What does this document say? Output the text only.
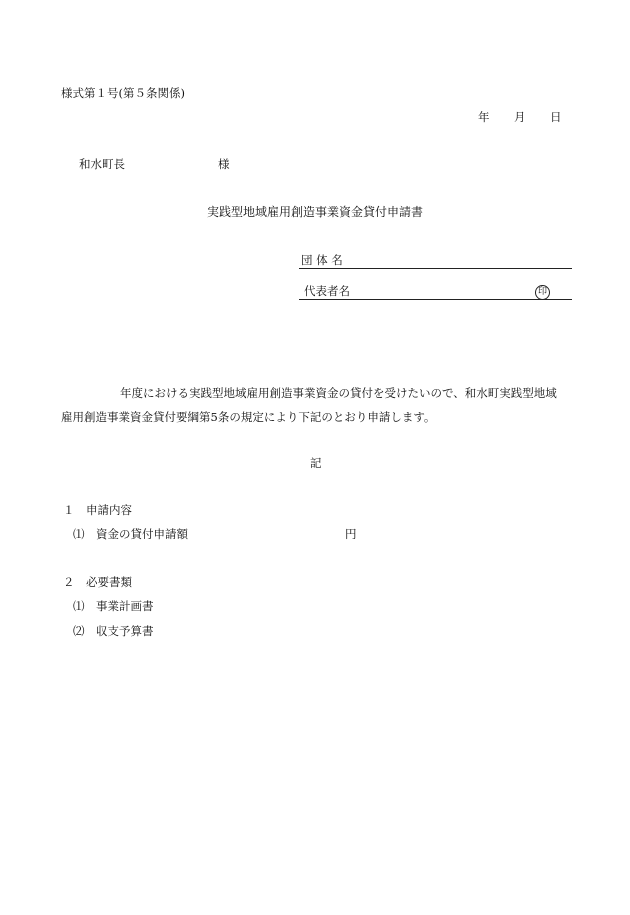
様式第１号(第５条関係)
年 月 日
和水町長	様
実践型地域雇用創造事業資金貸付申請書
団 体 名
代表者名	印
年度における実践型地域雇用創造事業資金の貸付を受けたいので、和水町実践型地域
雇用創造事業資金貸付要綱第5条の規定により下記のとおり申請します。
記
１　申請内容
⑴　資金の貸付申請額	円
２　必要書類
⑴　事業計画書
⑵　収支予算書
